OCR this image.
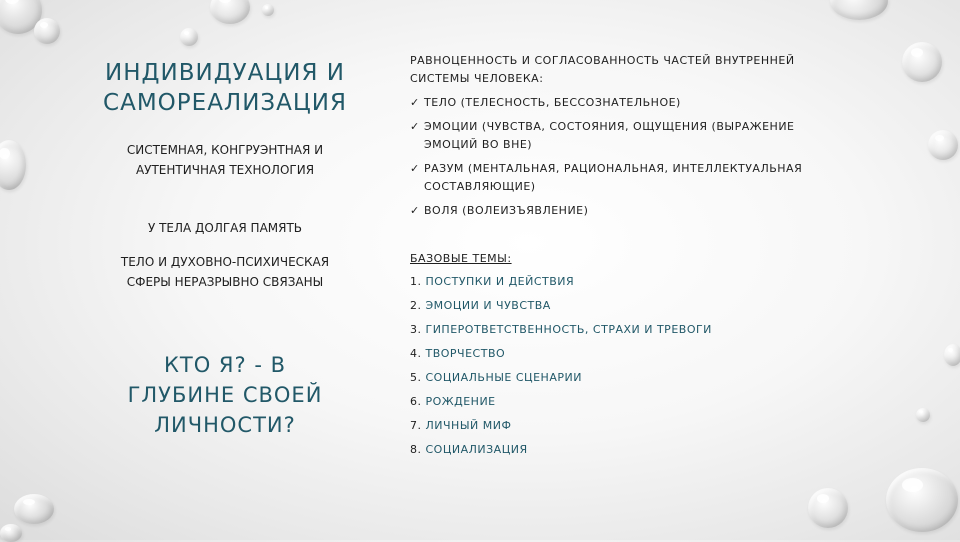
ИНДИВИДУАЦИЯ И
САМОРЕАЛИЗАЦИЯ

СИСТЕМНАЯ, КОНГРУЭНТНАЯ И
АУТЕНТИЧНАЯ ТЕХНОЛОГИЯ

У ТЕЛА ДОЛГАЯ ПАМЯТЬ

ТЕЛО И ДУХОВНО-ПСИХИЧЕСКАЯ
СФЕРЫ НЕРАЗРЫВНО СВЯЗАНЫ

КТО Я? - В
ГЛУБИНЕ СВОЕЙ
ЛИЧНОСТИ?

РАВНОЦЕННОСТЬ И СОГЛАСОВАННОСТЬ ЧАСТЕЙ ВНУТРЕННЕЙ
СИСТЕМЫ ЧЕЛОВЕКА:

✓ ТЕЛО (ТЕЛЕСНОСТЬ, БЕССОЗНАТЕЛЬНОЕ)
✓ ЭМОЦИИ (ЧУВСТВА, СОСТОЯНИЯ, ОЩУЩЕНИЯ (ВЫРАЖЕНИЕ
ЭМОЦИЙ ВО ВНЕ)
✓ РАЗУМ (МЕНТАЛЬНАЯ, РАЦИОНАЛЬНАЯ, ИНТЕЛЛЕКТУАЛЬНАЯ
СОСТАВЛЯЮЩИЕ)
✓ ВОЛЯ (ВОЛЕИЗЪЯВЛЕНИЕ)

БАЗОВЫЕ ТЕМЫ:

1. ПОСТУПКИ И ДЕЙСТВИЯ
2. ЭМОЦИИ И ЧУВСТВА
3. ГИПЕРОТВЕТСТВЕННОСТЬ, СТРАХИ И ТРЕВОГИ
4. ТВОРЧЕСТВО
5. СОЦИАЛЬНЫЕ СЦЕНАРИИ
6. РОЖДЕНИЕ
7. ЛИЧНЫЙ МИФ
8. СОЦИАЛИЗАЦИЯ
